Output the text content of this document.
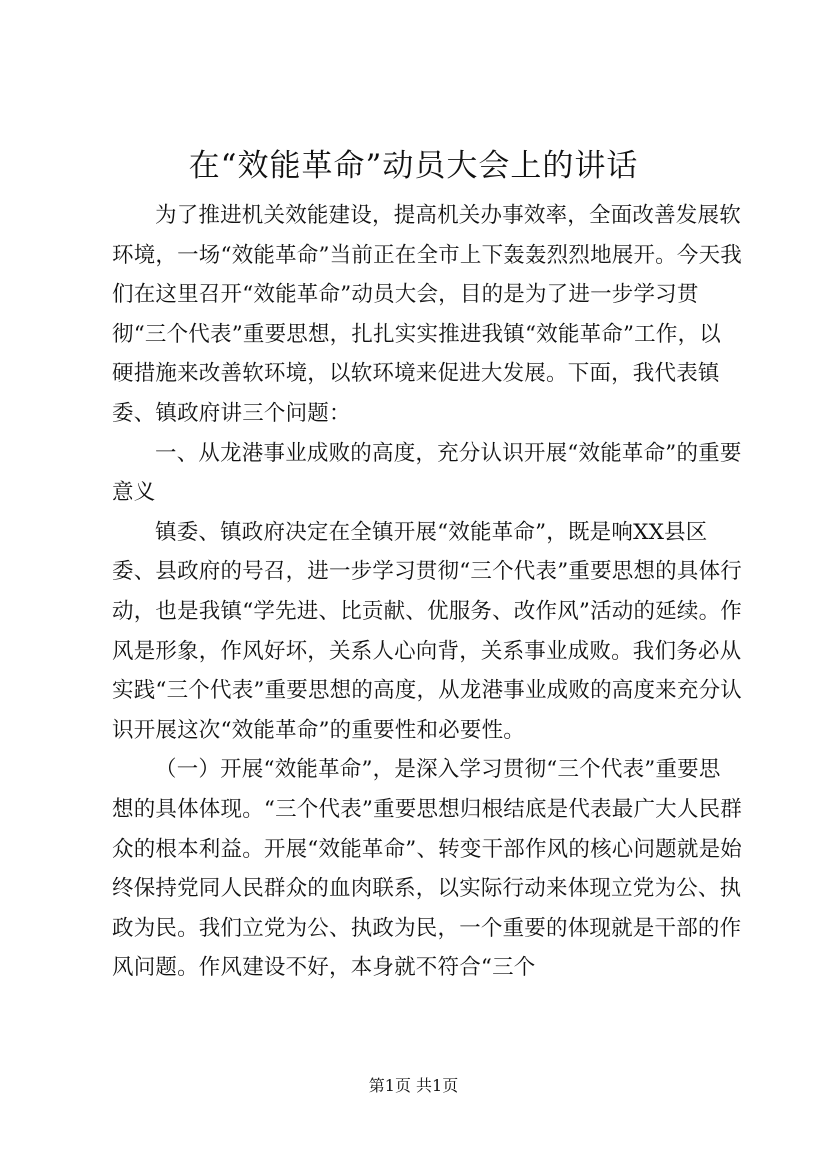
在“效能革命”动员大会上的讲话

为了推进机关效能建设，提高机关办事效率，全面改善发展软环境，一场“效能革命”当前正在全市上下轰轰烈烈地展开。今天我们在这里召开“效能革命”动员大会，目的是为了进一步学习贯彻“三个代表”重要思想，扎扎实实推进我镇“效能革命”工作，以硬措施来改善软环境，以软环境来促进大发展。下面，我代表镇委、镇政府讲三个问题：

一、从龙港事业成败的高度，充分认识开展“效能革命”的重要意义

镇委、镇政府决定在全镇开展“效能革命”，既是响XX县区委、县政府的号召，进一步学习贯彻“三个代表”重要思想的具体行动，也是我镇“学先进、比贡献、优服务、改作风”活动的延续。作风是形象，作风好坏，关系人心向背，关系事业成败。我们务必从实践“三个代表”重要思想的高度，从龙港事业成败的高度来充分认识开展这次“效能革命”的重要性和必要性。

（一）开展“效能革命”，是深入学习贯彻“三个代表”重要思想的具体体现。“三个代表”重要思想归根结底是代表最广大人民群众的根本利益。开展“效能革命”、转变干部作风的核心问题就是始终保持党同人民群众的血肉联系，以实际行动来体现立党为公、执政为民。我们立党为公、执政为民，一个重要的体现就是干部的作风问题。作风建设不好，本身就不符合“三个

第1页 共1页
